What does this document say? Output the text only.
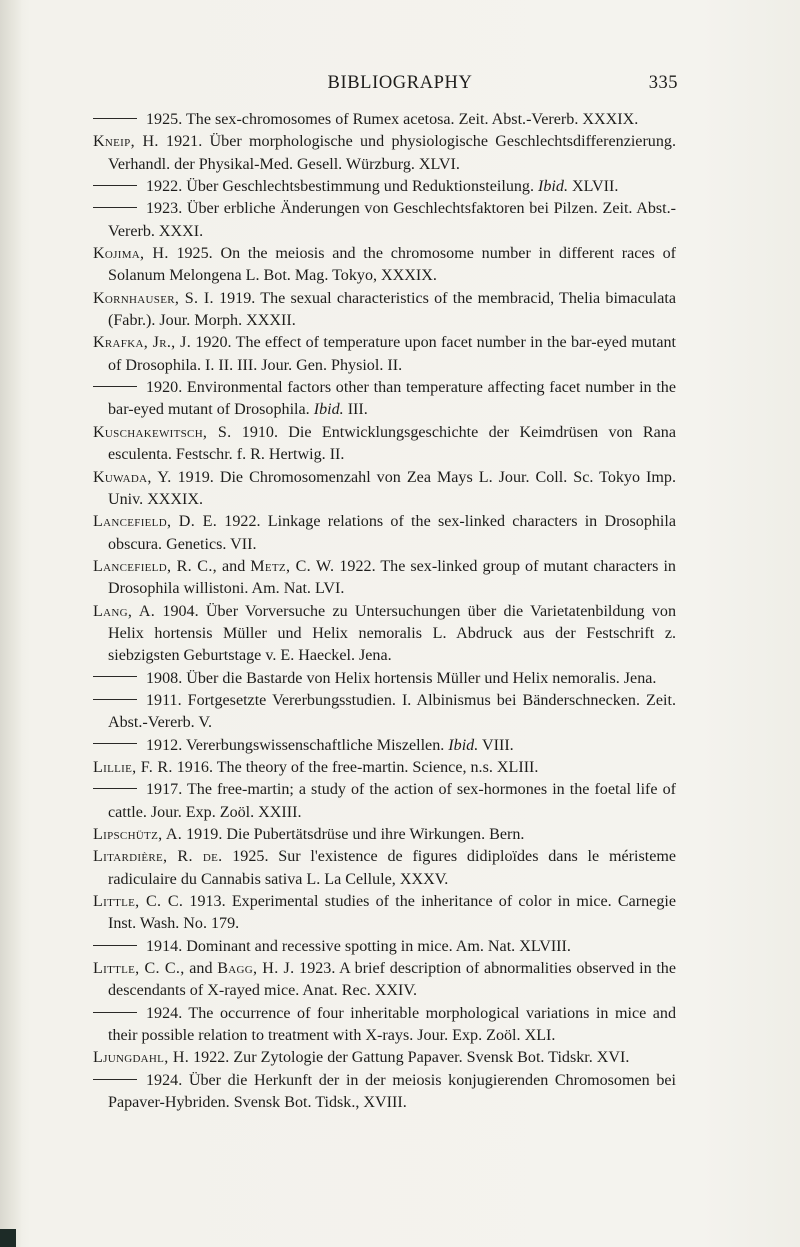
BIBLIOGRAPHY	335
1925. The sex-chromosomes of Rumex acetosa. Zeit. Abst.-Vererb. XXXIX.
Kneip, H. 1921. Über morphologische und physiologische Geschlechtsdifferenzierung. Verhandl. der Physikal-Med. Gesell. Würzburg. XLVI.
1922. Über Geschlechtsbestimmung und Reduktionsteilung. Ibid. XLVII.
1923. Über erbliche Änderungen von Geschlechtsfaktoren bei Pilzen. Zeit. Abst.-Vererb. XXXI.
Kojima, H. 1925. On the meiosis and the chromosome number in different races of Solanum Melongena L. Bot. Mag. Tokyo, XXXIX.
Kornhauser, S. I. 1919. The sexual characteristics of the membracid, Thelia bimaculata (Fabr.). Jour. Morph. XXXII.
Krafka, Jr., J. 1920. The effect of temperature upon facet number in the bar-eyed mutant of Drosophila. I. II. III. Jour. Gen. Physiol. II.
1920. Environmental factors other than temperature affecting facet number in the bar-eyed mutant of Drosophila. Ibid. III.
Kuschakewitsch, S. 1910. Die Entwicklungsgeschichte der Keimdrüsen von Rana esculenta. Festschr. f. R. Hertwig. II.
Kuwada, Y. 1919. Die Chromosomenzahl von Zea Mays L. Jour. Coll. Sc. Tokyo Imp. Univ. XXXIX.
Lancefield, D. E. 1922. Linkage relations of the sex-linked characters in Drosophila obscura. Genetics. VII.
Lancefield, R. C., and Metz, C. W. 1922. The sex-linked group of mutant characters in Drosophila willistoni. Am. Nat. LVI.
Lang, A. 1904. Über Vorversuche zu Untersuchungen über die Varietatenbildung von Helix hortensis Müller und Helix nemoralis L. Abdruck aus der Festschrift z. siebzigsten Geburtstage v. E. Haeckel. Jena.
1908. Über die Bastarde von Helix hortensis Müller und Helix nemoralis. Jena.
1911. Fortgesetzte Vererbungsstudien. I. Albinismus bei Bänderschnecken. Zeit. Abst.-Vererb. V.
1912. Vererbungswissenschaftliche Miszellen. Ibid. VIII.
Lillie, F. R. 1916. The theory of the free-martin. Science, n.s. XLIII.
1917. The free-martin; a study of the action of sex-hormones in the foetal life of cattle. Jour. Exp. Zoöl. XXIII.
Lipschütz, A. 1919. Die Pubertätsdrüse und ihre Wirkungen. Bern.
Litardière, R. de. 1925. Sur l'existence de figures didiploïdes dans le méristeme radiculaire du Cannabis sativa L. La Cellule, XXXV.
Little, C. C. 1913. Experimental studies of the inheritance of color in mice. Carnegie Inst. Wash. No. 179.
1914. Dominant and recessive spotting in mice. Am. Nat. XLVIII.
Little, C. C., and Bagg, H. J. 1923. A brief description of abnormalities observed in the descendants of X-rayed mice. Anat. Rec. XXIV.
1924. The occurrence of four inheritable morphological variations in mice and their possible relation to treatment with X-rays. Jour. Exp. Zoöl. XLI.
Ljungdahl, H. 1922. Zur Zytologie der Gattung Papaver. Svensk Bot. Tidskr. XVI.
1924. Über die Herkunft der in der meiosis konjugierenden Chromosomen bei Papaver-Hybriden. Svensk Bot. Tidsk., XVIII.
